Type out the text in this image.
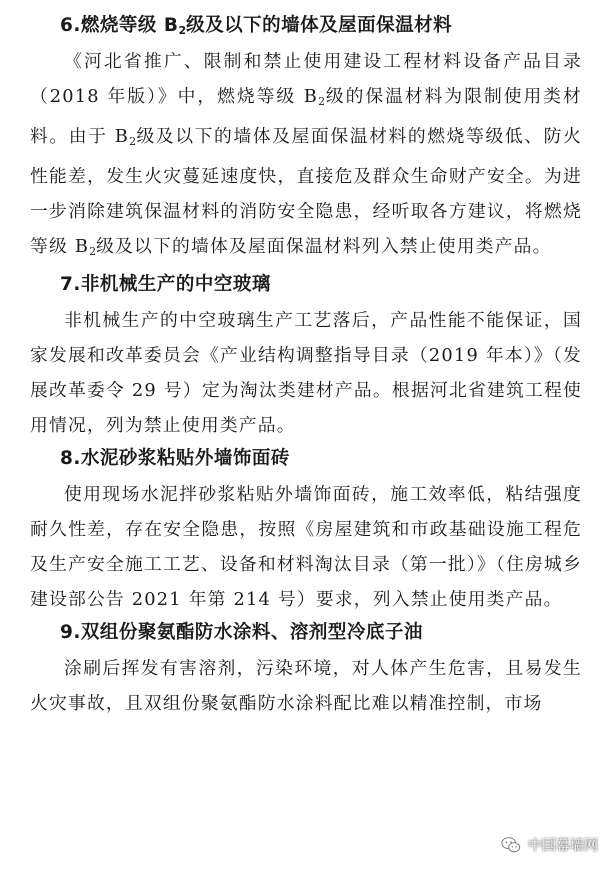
6.燃烧等级 $B_2$级及以下的墙体及屋面保温材料

《河北省推广、限制和禁止使用建设工程材料设备产品目录（2018 年版）》中，燃烧等级 $B_2$级的保温材料为限制使用类材料。由于 $B_2$级及以下的墙体及屋面保温材料的燃烧等级低、防火性能差，发生火灾蔓延速度快，直接危及群众生命财产安全。为进一步消除建筑保温材料的消防安全隐患，经听取各方建议，将燃烧等级 $B_2$级及以下的墙体及屋面保温材料列入禁止使用类产品。

7.非机械生产的中空玻璃

非机械生产的中空玻璃生产工艺落后，产品性能不能保证，国家发展和改革委员会《产业结构调整指导目录（2019 年本）》（发展改革委令 29 号）定为淘汰类建材产品。根据河北省建筑工程使用情况，列为禁止使用类产品。

8.水泥砂浆粘贴外墙饰面砖

使用现场水泥拌砂浆粘贴外墙饰面砖，施工效率低，粘结强度耐久性差，存在安全隐患，按照《房屋建筑和市政基础设施工程危及生产安全施工工艺、设备和材料淘汰目录（第一批）》（住房城乡建设部公告 2021 年第 214 号）要求，列入禁止使用类产品。

9.双组份聚氨酯防水涂料、溶剂型冷底子油

涂刷后挥发有害溶剂，污染环境，对人体产生危害，且易发生火灾事故，且双组份聚氨酯防水涂料配比难以精准控制，市场

中国幕墙网
